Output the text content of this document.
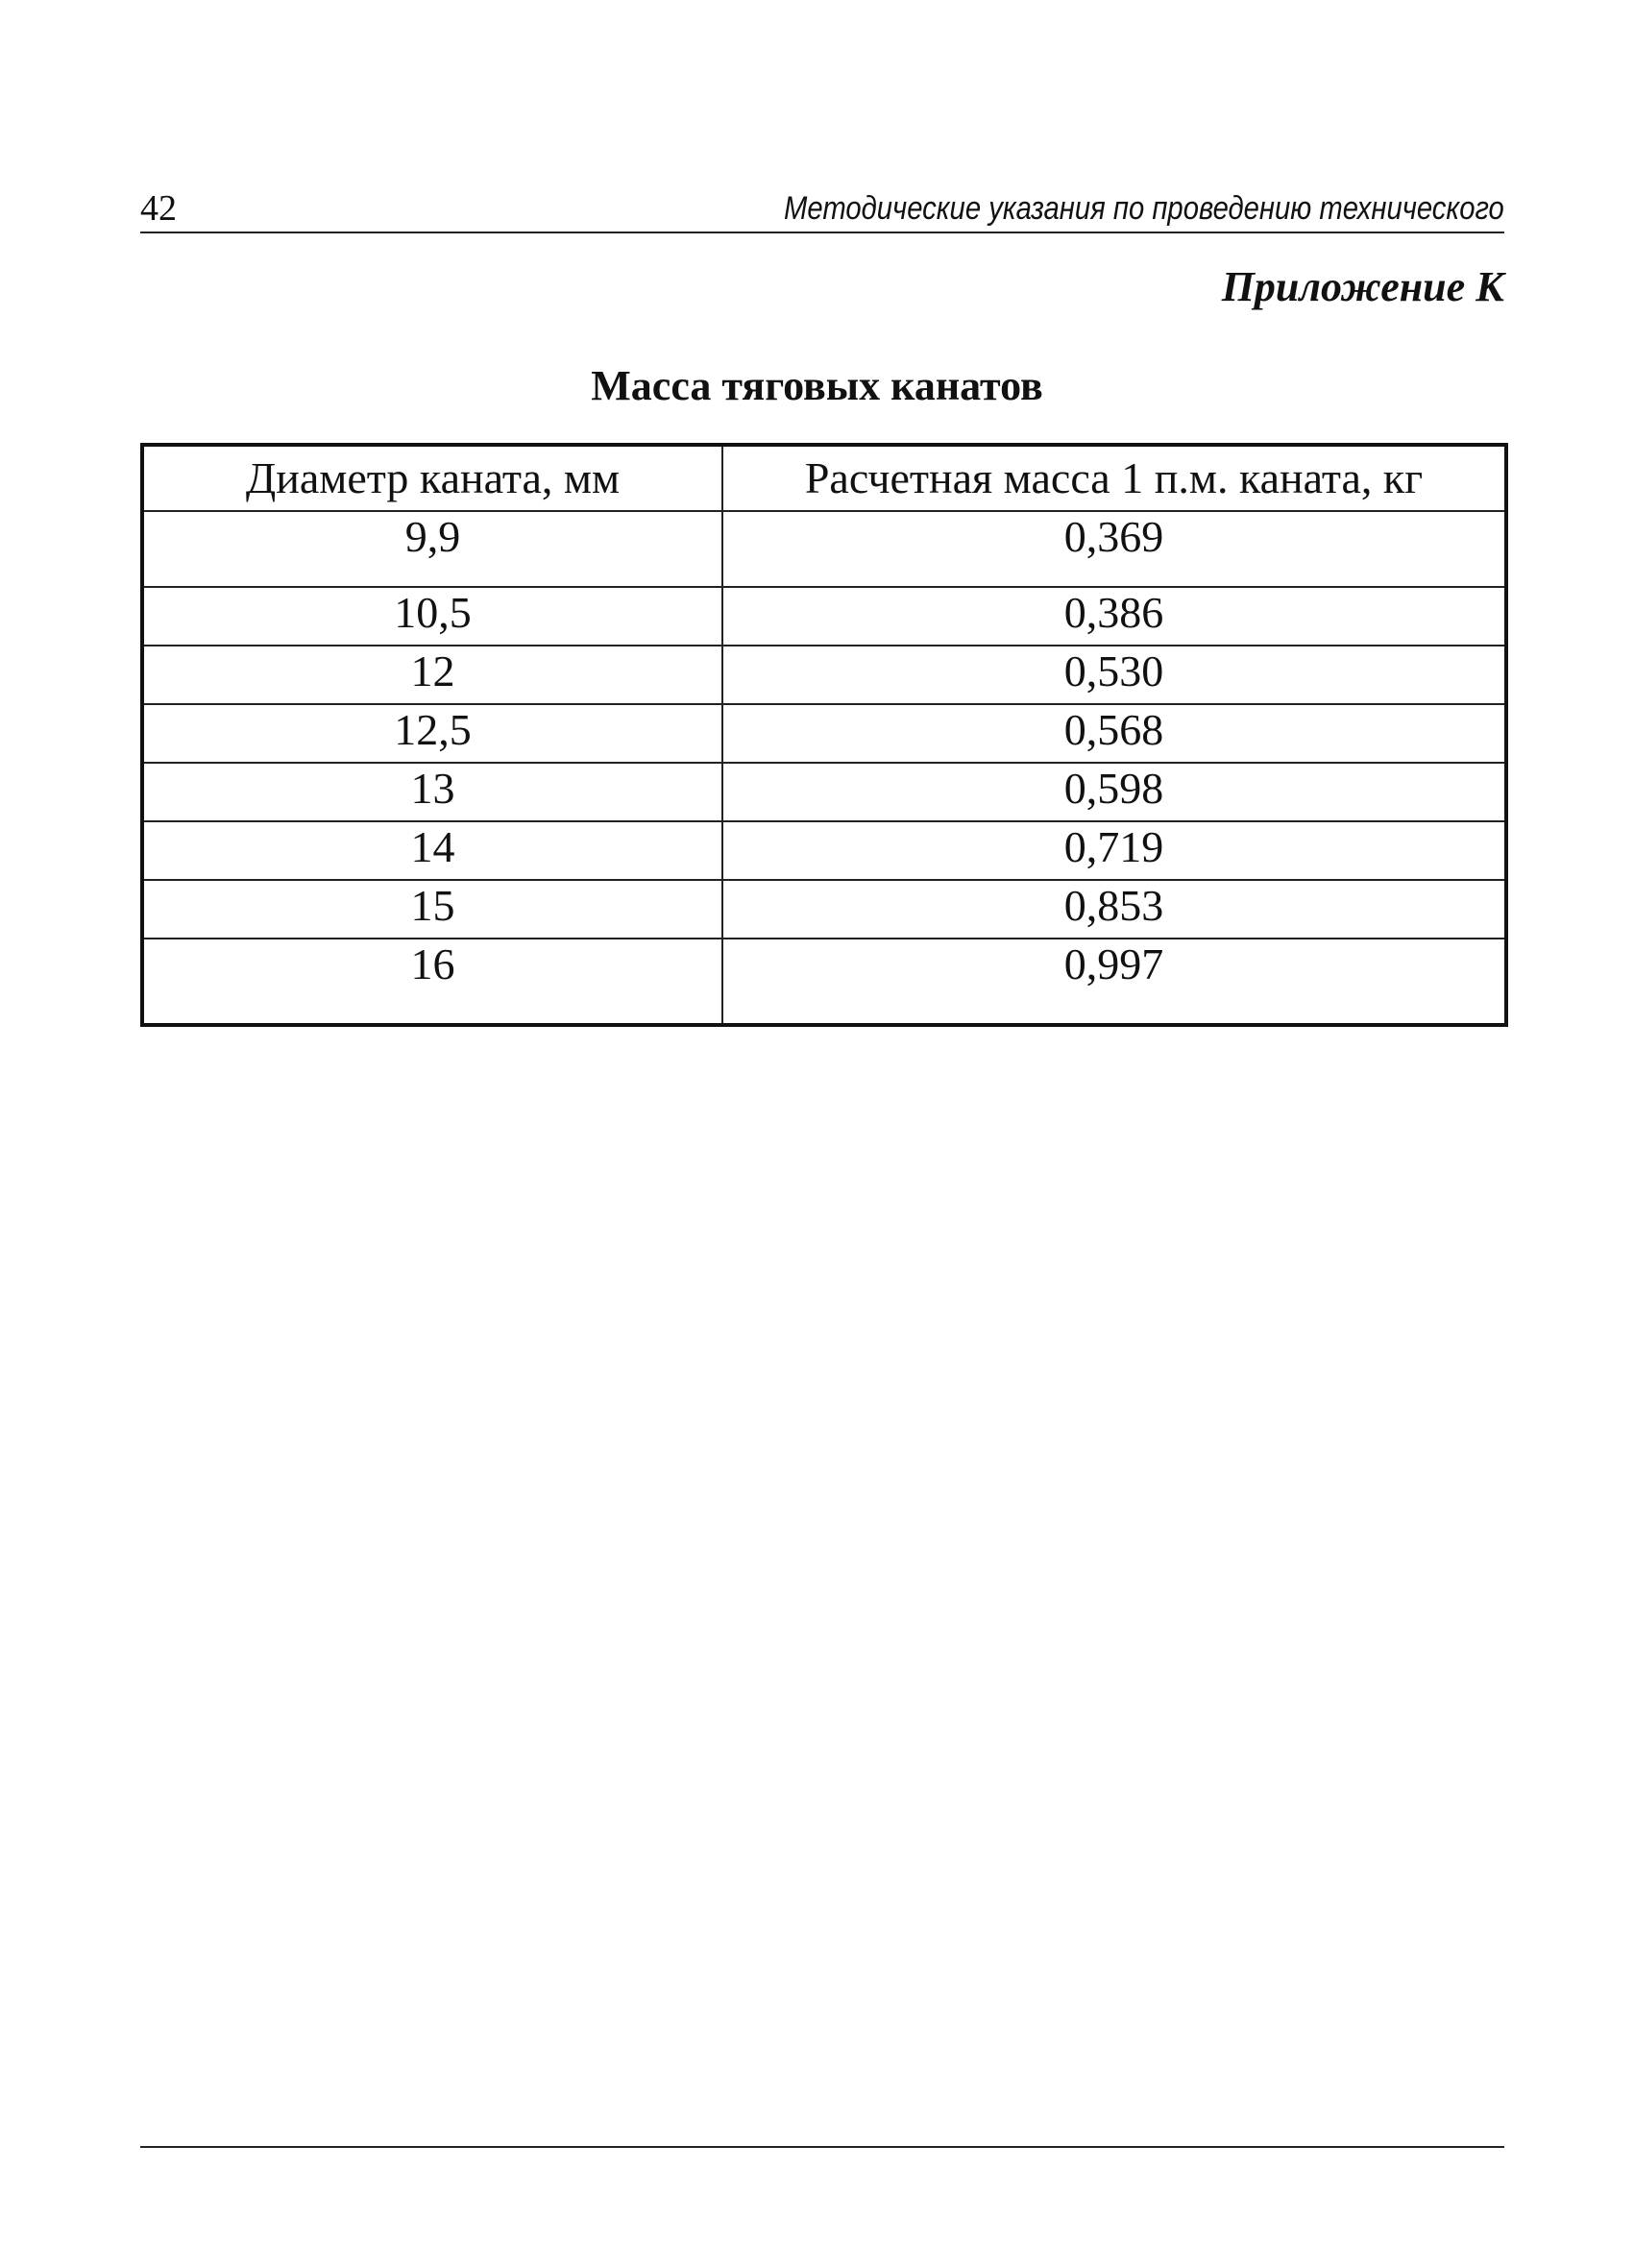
42	Методические указания по проведению технического
Приложение К
Масса тяговых канатов
Диаметр каната, мм	Расчетная масса 1 п.м. каната, кг
9,9	0,369
10,5	0,386
12	0,530
12,5	0,568
13	0,598
14	0,719
15	0,853
16	0,997
